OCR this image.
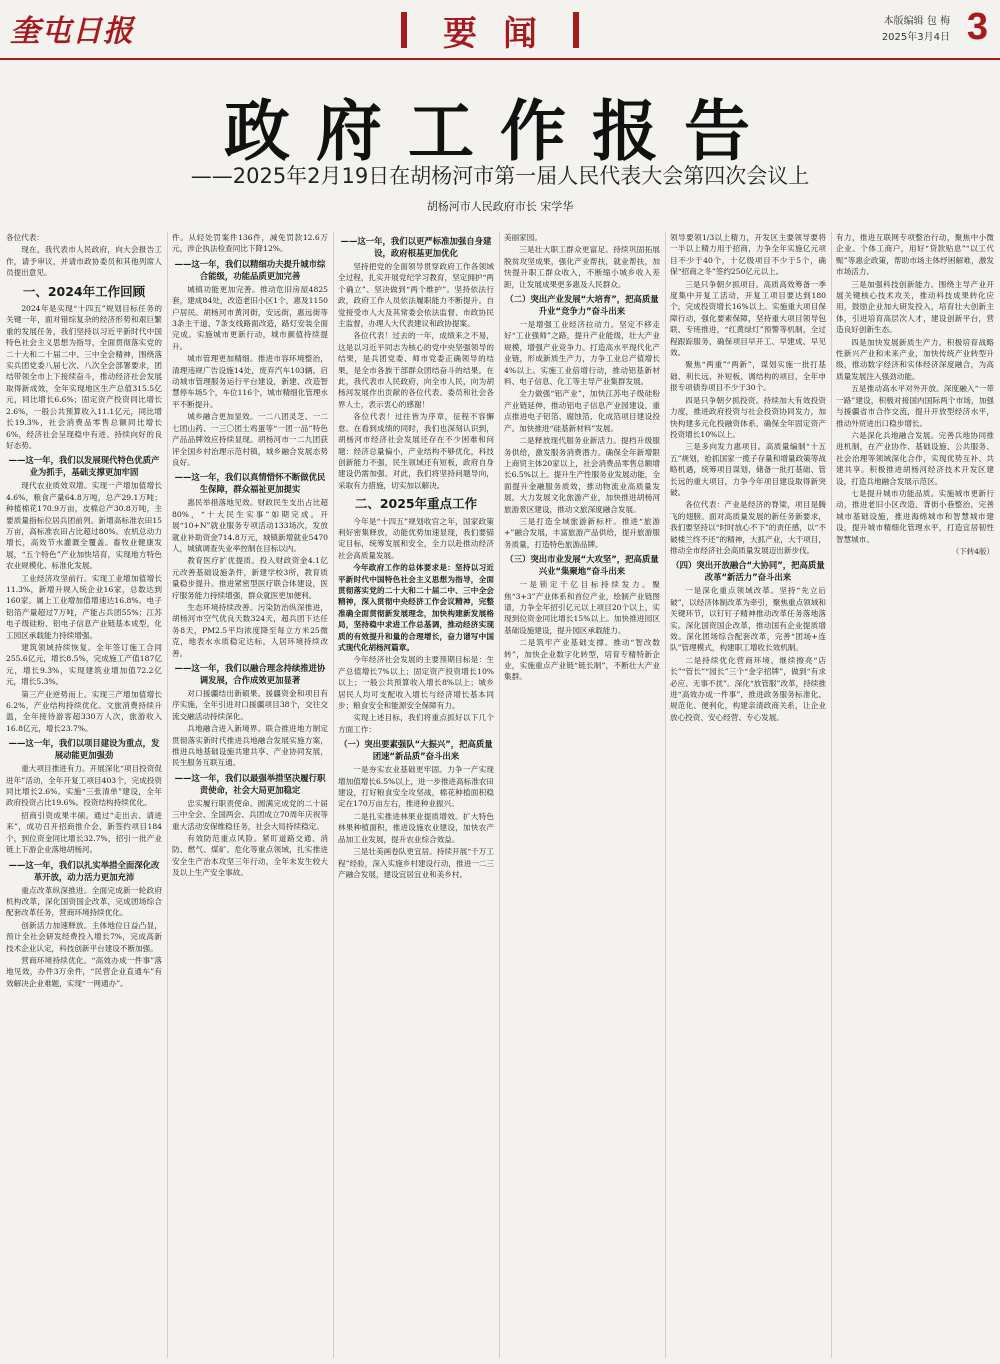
奎屯日报	要闻	本版编辑 包 梅
2025年3月4日 3
政府工作报告
——2025年2月19日在胡杨河市第一届人民代表大会第四次会议上
胡杨河市人民政府市长 宋学华

各位代表：

现在，我代表市人民政府，向大会报告工作，请予审议，并请市政协委员和其他列席人员提出意见。

一、2024年工作回顾

2024年是实现“十四五”规划目标任务的关键一年，面对错综复杂的经济形势和艰巨繁重的发展任务，我们坚持以习近平新时代中国特色社会主义思想为指导，全面贯彻落实党的二十大和二十届二中、三中全会精神，围绕落实兵团党委八届七次、八次全会部署要求，团结带领全市上下接续奋斗，推动经济社会发展取得新成效，全年实现地区生产总值315.5亿元，同比增长6.6%；固定资产投资同比增长2.6%，一般公共预算收入11.1亿元，同比增长19.3%，社会消费品零售总额同比增长6%，经济社会呈现稳中有进、持续向好的良好态势。

——这一年，我们以发展现代特色优质产业为抓手，基础支撑更加牢固

现代农业质效双增。实现一产增加值增长4.6%，粮食产量64.8万吨，总产29.1万吨；种植棉花170.9万亩，皮棉总产30.8万吨，主要质量指标位居兵团前列。新增高标准农田15万亩，高标准农田占比超过80%。农机总动力增长，高效节水灌溉全覆盖。畜牧业健康发展，“五个特色”产业加快培育，实现地方特色农业规模化、标准化发展。

工业经济攻坚前行。实现工业增加值增长11.3%，新增升规入统企业16家，总数达到160家。属上工业增加值增速达16.8%。电子铝箔产量超过7万吨，产能占兵团55%；江苏电子级硅粉、铝电子信息产业链基本成型，化工园区承载能力持续增强。

建筑领域持续恢复。全年签订施工合同255.6亿元，增长8.5%，完成施工产值187亿元，增长9.3%，实现建筑业增加值72.2亿元，增长5.3%。

第三产业逆势而上。实现三产增加值增长6.2%，产业结构持续优化。文旅消费持续升温，全年接待游客超330万人次，旅游收入16.8亿元，增长23.7%。

——这一年，我们以项目建设为重点，发展动能更加强劲

重大项目推进有力。开展深化“项目投资促进年”活动，全年开复工项目403个，完成投资同比增长2.6%。实施“三张清单”建设，全年政府投资占比19.6%。投资结构持续优化。

招商引资成果丰硕。通过“走出去、请进来”，成功召开招商推介会，新签约项目184个，到位资金同比增长32.7%，招引一批产业链上下游企业落地胡杨河。

——这一年，我们以扎实举措全面深化改革开放，动力活力更加充沛

重点改革纵深推进。全面完成新一轮政府机构改革，深化国资国企改革，完成团场综合配套改革任务，营商环境持续优化。

创新活力加速释放。主体地位日益凸显，预计全社会研发经费投入增长7%，完成高新技术企业认定，科技创新平台建设不断加强。

营商环境持续优化。“高效办成一件事”落地见效，办件3万余件，“民营企业直通车”有效解决企业难题，实现“一网通办”。

件。从轻处罚案件136件，减免罚款12.6万元，涉企执法检查同比下降12%。

——这一年，我们以精细功夫提升城市综合能级，功能品质更加完善

城镇功能更加完善。推动危旧房屋4825套，建成84处，改造老旧小区1个，惠及1150户居民。胡杨河市黄河街，安远街，惠远街等3条主干道、7条支线路面改造，路灯安装全面完成。实施城市更新行动，城市颜值持续提升。

城市管理更加精细。推进市容环境整治，清理违规广告设施14处，废弃汽车103辆。启动城市管理服务运行平台建设，新建、改造智慧停车场5个，车位116个，城市精细化管理水平不断提升。

城乡融合更加显效。一二八团灵芝、一二七团山药、一三〇团土鸡蛋等“一团一品”特色产品品牌效应持续显现。胡杨河市一二九团获评全国乡村治理示范村镇，城乡融合发展态势良好。

——这一年，我们以真情惜怀不断做优民生保障，群众福祉更加提实

惠民举措落地见效。财政民生支出占比超80%，“十大民生实事”如期完成。开展“10+N”就业服务专项活动133场次，发放就业补助资金714.8万元，城镇新增就业5470人，城镇调查失业率控制在目标以内。

教育医疗扩优提质。投入财政资金4.1亿元改善基础设施条件，新建学校3所，教育质量稳步提升。推进紧密型医疗联合体建设，医疗服务能力持续增强，群众就医更加便利。

生态环境持续改善。污染防治纵深推进，胡杨河市空气优良天数324天，超兵团下达任务8天，PM2.5平均浓度降至每立方米25微克，地表水水质稳定达标，人居环境持续改善。

——这一年，我们以融合理念持续推进协调发展，合作成效更加显著

对口援疆结出新硕果。援疆资金和项目有序实施，全年引进对口援疆项目38个，交往交流交融活动持续深化。

兵地融合进入新境界。联合推进地方制定贯彻落实新时代推进兵地融合发展实施方案，推进兵地基础设施共建共享、产业协同发展，民生服务互联互通。

——这一年，我们以最强举措坚决履行职责使命，社会大局更加稳定

忠实履行职责使命。圆满完成党的二十届三中全会、全国两会、兵团成立70周年庆祝等重大活动安保维稳任务，社会大局持续稳定。

有效防范重点风险。紧盯道路交通、消防、燃气、煤矿、危化等重点领域，扎实推进安全生产治本攻坚三年行动，全年未发生较大及以上生产安全事故。

——这一年，我们以更严标准加强自身建设，政府根基更加优化

坚持把党的全面领导贯穿政府工作各领域全过程，扎实开展党纪学习教育，坚定拥护“两个确立”、坚决做到“两个维护”。坚持依法行政，政府工作人员依法履职能力不断提升。自觉接受市人大及其常委会依法监督、市政协民主监督，办理人大代表建议和政协提案。

各位代表！过去的一年，成绩来之不易，这是以习近平同志为核心的党中央坚强领导的结果，是兵团党委、师市党委正确领导的结果，是全市各族干部群众团结奋斗的结果。在此，我代表市人民政府，向全市人民，向为胡杨河发展作出贡献的各位代表、委员和社会各界人士，表示衷心的感谢！

各位代表！过往皆为序章，征程不容懈怠。在看到成绩的同时，我们也深刻认识到，胡杨河市经济社会发展还存在不少困难和问题：经济总量偏小，产业结构不够优化，科技创新能力不强，民生领域还有短板，政府自身建设仍需加强。对此，我们将坚持问题导向，采取有力措施，切实加以解决。

二、2025年重点工作

今年是“十四五”规划收官之年，国家政策利好密集释放，动能优势加速显现，我们要锚定目标，统筹发展和安全，全力以赴推动经济社会高质量发展。

今年政府工作的总体要求是：坚持以习近平新时代中国特色社会主义思想为指导，全面贯彻落实党的二十大和二十届二中、三中全会精神，深入贯彻中央经济工作会议精神，完整准确全面贯彻新发展理念，加快构建新发展格局，坚持稳中求进工作总基调，推动经济实现质的有效提升和量的合理增长，奋力谱写中国式现代化胡杨河篇章。

今年经济社会发展的主要预期目标是：生产总值增长7%以上；固定资产投资增长10%以上；一般公共预算收入增长8%以上；城乡居民人均可支配收入增长与经济增长基本同步；粮食安全和能源安全保障有力。

实现上述目标，我们将重点抓好以下几个方面工作：

（一）突出要素强队“大振兴”，把高质量团速“新品质”奋斗出来

一是夯实农业基础更牢固。力争一产实现增加值增长6.5%以上，进一步推进高标准农田建设，打好粮食安全攻坚战，棉花种植面积稳定在170万亩左右，推进种业振兴。

二是扎实推进林果业提质增效。扩大特色林果种植面积，推进设施农业建设，加快农产品加工业发展，提升农业综合效益。

三是壮美画卷队更宜居。持续开展“千万工程”经验，深入实施乡村建设行动，推进一二三产融合发展，建设宜居宜业和美乡村。

美丽家园。

三是壮大职工群众更富足。持续巩固拓展脱贫攻坚成果，强化产业帮扶，就业帮扶，加快提升职工群众收入，不断缩小城乡收入差距，让发展成果更多惠及人民群众。

（二）突出产业发展“大培育”，把高质量升业“竞争力”奋斗出来

一是增强工业经济拉动力。坚定不移走好“工业强师”之路，提升产业能级，壮大产业规模，增强产业竞争力。打造高水平现代化产业链，形成新质生产力，力争工业总产值增长4%以上。实施工业倍增行动，推动铝基新材料、电子信息、化工等主导产业集群发展。

全力做强“铝产业”，加快江苏电子级硅粉产业链延伸，推动铝电子信息产业园建设，重点推进电子铝箔、腐蚀箔、化成箔项目建设投产。加快推进“硅基新材料”发展。

二是释放现代服务业新活力。提档升级服务供给，激发服务消费潜力。确保全年新增限上商贸主体20家以上，社会消费品零售总额增长6.5%以上。提升生产性服务业发展动能，全面提升金融服务质效，推动物流业高质量发展。大力发展文化旅游产业，加快推进胡杨河旅游景区建设，推动文旅深度融合发展。

三是打造全域旅游新标杆。推进“旅游+”融合发展，丰富旅游产品供给，提升旅游服务质量，打造特色旅游品牌。

（三）突出市业发展“大攻坚”，把高质量兴业“集聚地”奋斗出来

一是锁定千亿目标持续发力。聚焦“3+3”产业体系和首位产业，绘制产业链图谱，力争全年招引亿元以上项目20个以上，实现到位资金同比增长15%以上。加快推进园区基础设施建设，提升园区承载能力。

二是筑牢产业基础支撑。推动“智改数转”，加快企业数字化转型，培育专精特新企业，实施重点产业链“链长制”，不断壮大产业集群。

领导要领1/3以上精力，开发区主要领导要将一半以上精力用于招商，力争全年实施亿元项目不少于40个，十亿级项目不少于5个，确保“招商之冬”签约250亿元以上。

三是只争朝夕抓项目。高质高效筹备一季度集中开复工活动，开复工项目要达到180个，完成投资增长16%以上。实施重大项目保障行动，强化要素保障，坚持重大项目领导包联、专班推进，“红黄绿灯”预警等机制，全过程跟踪服务，确保项目早开工、早建成、早见效。

聚焦“两重”“两新”，谋划实施一批打基础、利长远、补短板、调结构的项目，全年申报专项债券项目不少于30个。

四是只争朝夕抓投资。持续加大有效投资力度，推进政府投资与社会投资协同发力，加快构建多元化投融资体系，确保全年固定资产投资增长10%以上。

三是多向发力惠项目。高质量编制“十五五”规划，抢抓国家一揽子存量和增量政策等战略机遇，统筹项目谋划，储备一批打基础、管长远的重大项目，力争今年项目建设取得新突破。

各位代表：产业是经济的脊梁，项目是腾飞的翅膀。面对高质量发展的新任务新要求，我们要坚持以“时时放心不下”的责任感，以“不破楼兰终不还”的精神，大抓产业，大干项目，推动全市经济社会高质量发展迈出新步伐。

（四）突出开放融合“大协同”，把高质量改革“新活力”奋斗出来

一是深化重点领域改革。坚持“先立后破”，以经济体制改革为牵引，聚焦重点领域和关键环节，以钉钉子精神推动改革任务落地落实。深化国资国企改革，推动国有企业提质增效。深化团场综合配套改革，完善“团场+连队”管理模式，构建职工增收长效机制。

二是持续优化营商环境。继续擦亮“店长”“管长”“园长”三个“金字招牌”，做到“有求必应、无事不扰”。深化“放管服”改革，持续推进“高效办成一件事”，推进政务服务标准化、规范化、便利化，构建亲清政商关系，让企业放心投资、安心经营、专心发展。

有力，推进互联网专项整治行动，聚焦中小微企业、个体工商户，用好“贷款贴息”“以工代赈”等惠企政策，帮助市场主体纾困解难，激发市场活力。

三是加强科技创新能力。围绕主导产业开展关键核心技术攻关，推动科技成果转化应用，鼓励企业加大研发投入，培育壮大创新主体，引进培育高层次人才，建设创新平台，营造良好创新生态。

四是加快发展新质生产力。积极培育战略性新兴产业和未来产业，加快传统产业转型升级，推动数字经济和实体经济深度融合，为高质量发展注入强劲动能。

五是推动高水平对外开放。深度融入“一带一路”建设，积极对接国内国际两个市场，加强与援疆省市合作交流，提升开放型经济水平，推动外贸进出口稳步增长。

六是深化兵地融合发展。完善兵地协同推进机制，在产业协作、基础设施、公共服务、社会治理等领域深化合作，实现优势互补、共建共享。积极推进胡杨河经济技术开发区建设，打造兵地融合发展示范区。

七是提升城市功能品质。实施城市更新行动，推进老旧小区改造、背街小巷整治，完善城市基础设施，推进海绵城市和智慧城市建设，提升城市精细化管理水平，打造宜居韧性智慧城市。

（下转4版）
